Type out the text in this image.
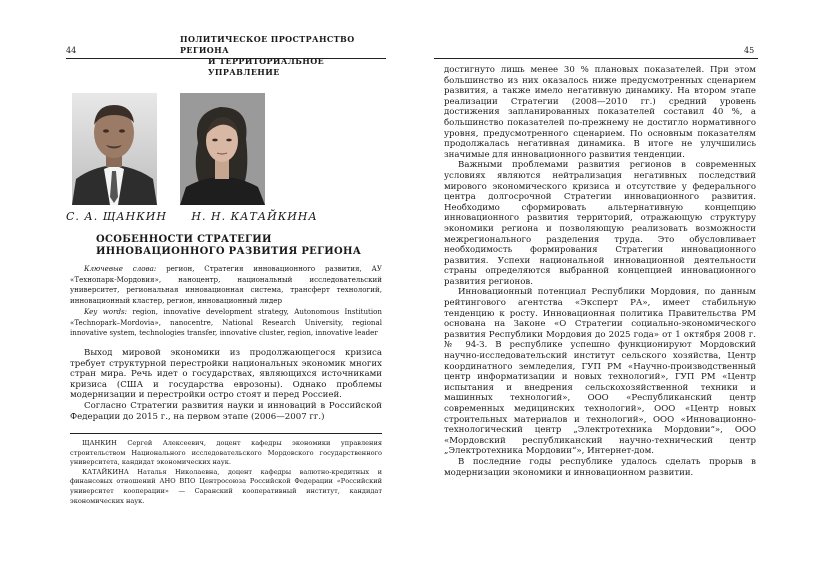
44
ПОЛИТИЧЕСКОЕ ПРОСТРАНСТВО РЕГИОНА
И ТЕРРИТОРИАЛЬНОЕ УПРАВЛЕНИЕ
С. А. ЩАНКИН Н. Н. КАТАЙКИНА
ОСОБЕННОСТИ СТРАТЕГИИ
ИННОВАЦИОННОГО РАЗВИТИЯ РЕГИОНА
Ключевые слова: регион, Стратегия инновационного развития, АУ «Технопарк-Мордовия», наноцентр, национальный исследовательский университет, региональная инновационная система, трансферт технологий, инновационный кластер, регион, инновационный лидер
Key words: region, innovative development strategy, Autonomous Institution «Technopark–Mordovia», nanocentre, National Research University, regional innovative system, technologies transfer, innovative cluster, region, innovative leader

Выход мировой экономики из продолжающегося кризиса требует структурной перестройки национальных экономик многих стран мира. Речь идет о государствах, являющихся источниками кризиса (США и государства еврозоны). Однако проблемы модернизации и перестройки остро стоят и перед Россией.

Согласно Стратегии развития науки и инноваций в Российской Федерации до 2015 г., на первом этапе (2006—2007 гг.)

ЩАНКИН Сергей Алексеевич, доцент кафедры экономики управления строительством Национального исследовательского Мордовского государственного университета, кандидат экономических наук.

КАТАЙКИНА Наталья Николаевна, доцент кафедры валютно-кредитных и финансовых отношений АНО ВПО Центросоюза Российской Федерации «Российский университет кооперации» — Саранский кооперативный институт, кандидат экономических наук.

45

достигнуто лишь менее 30 % плановых показателей. При этом большинство из них оказалось ниже предусмотренных сценарием развития, а также имело негативную динамику. На втором этапе реализации Стратегии (2008—2010 гг.) средний уровень достижения запланированных показателей составил 40 %, а большинство показателей по-прежнему не достигло нормативного уровня, предусмотренного сценарием. По основным показателям продолжалась негативная динамика. В итоге не улучшились значимые для инновационного развития тенденции.

Важными проблемами развития регионов в современных условиях являются нейтрализация негативных последствий мирового экономического кризиса и отсутствие у федерального центра долгосрочной Стратегии инновационного развития. Необходимо сформировать альтернативную концепцию инновационного развития территорий, отражающую структуру экономики региона и позволяющую реализовать возможности межрегионального разделения труда. Это обусловливает необходимость формирования Стратегии инновационного развития. Успехи национальной инновационной деятельности страны определяются выбранной концепцией инновационного развития регионов.

Инновационный потенциал Республики Мордовия, по данным рейтингового агентства «Эксперт РА», имеет стабильную тенденцию к росту. Инновационная политика Правительства РМ основана на Законе «О Стратегии социально-экономического развития Республики Мордовия до 2025 года» от 1 октября 2008 г. № 94-З. В республике успешно функционируют Мордовский научно-исследовательский институт сельского хозяйства, Центр координатного земледелия, ГУП РМ «Научно-производственный центр информатизации и новых технологий», ГУП РМ «Центр испытания и внедрения сельскохозяйственной техники и машинных технологий», ООО «Республиканский центр современных медицинских технологий», ООО «Центр новых строительных материалов и технологий», ООО «Инновационно-технологический центр „Электротехника Мордовии“», ООО «Мордовский республиканский научно-технический центр „Электротехника Мордовии“», Интернет-дом.

В последние годы республике удалось сделать прорыв в модернизации экономики и инновационном развитии.
